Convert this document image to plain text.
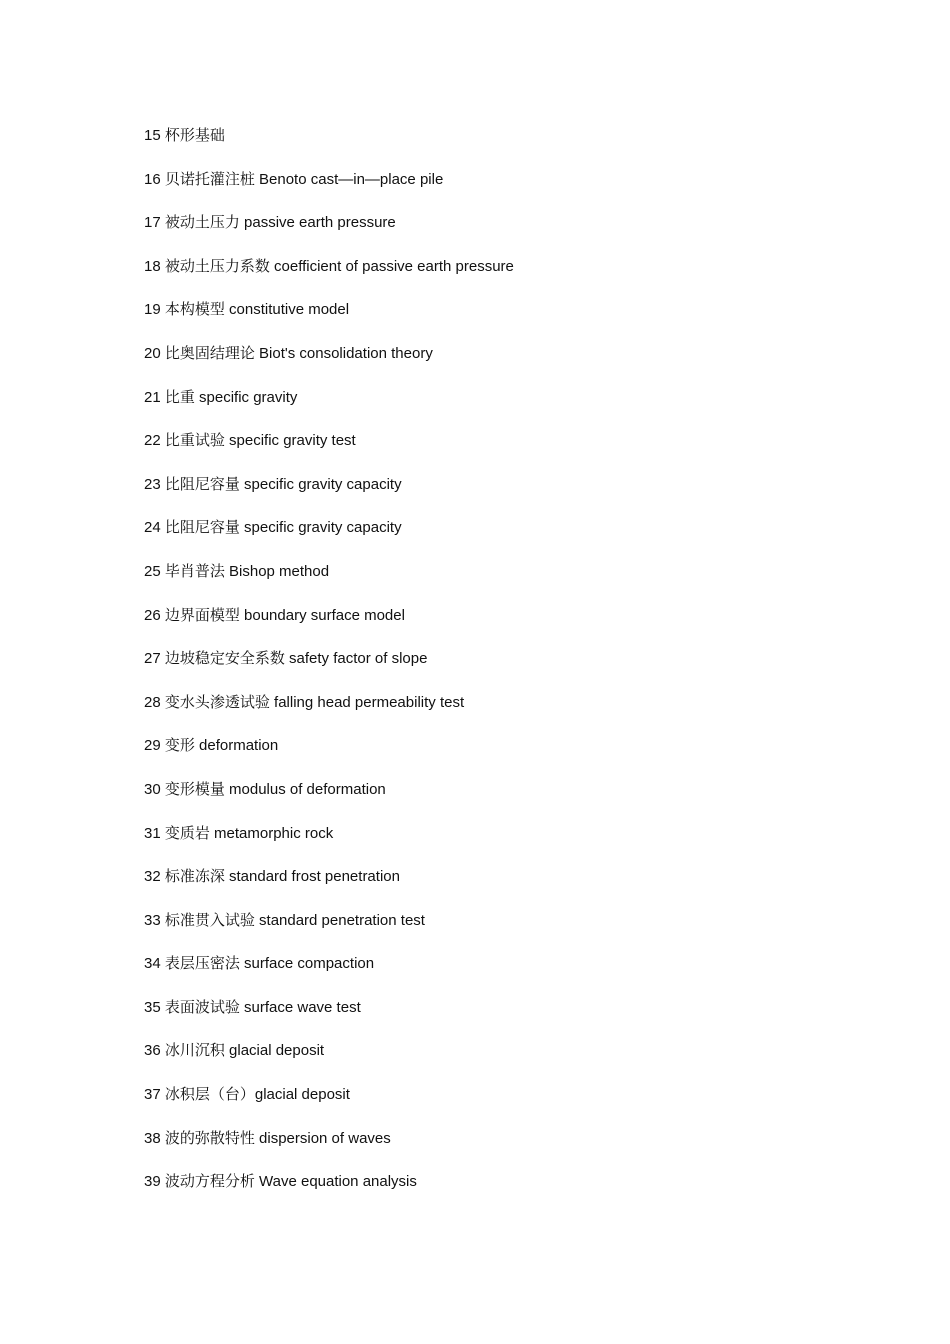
15 杯形基础
16 贝诺托灌注桩 Benoto cast—in—place pile
17 被动土压力 passive earth pressure
18 被动土压力系数 coefficient of passive earth pressure
19 本构模型 constitutive model
20 比奥固结理论 Biot's consolidation theory
21 比重 specific gravity
22 比重试验 specific gravity test
23 比阻尼容量 specific gravity capacity
24 比阻尼容量 specific gravity capacity
25 毕肖普法 Bishop method
26 边界面模型 boundary surface model
27 边坡稳定安全系数 safety factor of slope
28 变水头渗透试验 falling head permeability test
29 变形 deformation
30 变形模量 modulus of deformation
31 变质岩 metamorphic rock
32 标准冻深 standard frost penetration
33 标准贯入试验 standard penetration test
34 表层压密法 surface compaction
35 表面波试验 surface wave test
36 冰川沉积 glacial deposit
37 冰积层（台）glacial deposit
38 波的弥散特性 dispersion of waves
39 波动方程分析 Wave equation analysis
